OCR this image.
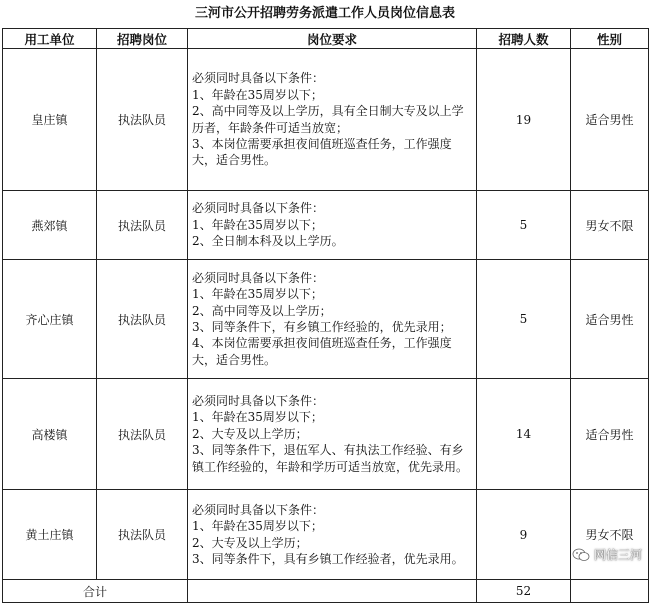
三河市公开招聘劳务派遣工作人员岗位信息表
用工单位	招聘岗位	岗位要求	招聘人数	性别
皇庄镇	执法队员	必须同时具备以下条件：
1、年龄在35周岁以下；
2、高中同等及以上学历，具有全日制大专及以上学历者，年龄条件可适当放宽；
3、本岗位需要承担夜间值班巡查任务，工作强度大，适合男性。	19	适合男性
燕郊镇	执法队员	必须同时具备以下条件：
1、年龄在35周岁以下；
2、全日制本科及以上学历。	5	男女不限
齐心庄镇	执法队员	必须同时具备以下条件：
1、年龄在35周岁以下；
2、高中同等及以上学历；
3、同等条件下，有乡镇工作经验的，优先录用；
4、本岗位需要承担夜间值班巡查任务，工作强度大，适合男性。	5	适合男性
高楼镇	执法队员	必须同时具备以下条件：
1、年龄在35周岁以下；
2、大专及以上学历；
3、同等条件下，退伍军人、有执法工作经验、有乡镇工作经验的，年龄和学历可适当放宽，优先录用。	14	适合男性
黄土庄镇	执法队员	必须同时具备以下条件：
1、年龄在35周岁以下；
2、大专及以上学历；
3、同等条件下，具有乡镇工作经验者，优先录用。	9	男女不限
合计			52	
网信三河
